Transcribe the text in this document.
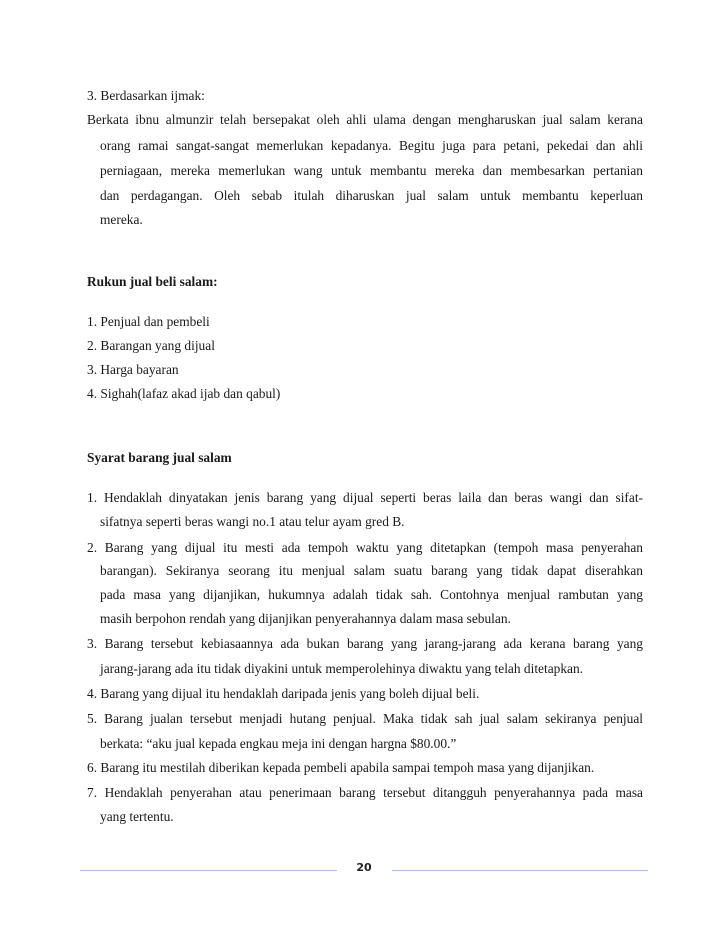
3. Berdasarkan ijmak:
Berkata ibnu almunzir telah bersepakat oleh ahli ulama dengan mengharuskan jual salam kerana
orang ramai sangat-sangat memerlukan kepadanya. Begitu juga para petani, pekedai dan ahli
perniagaan, mereka memerlukan wang untuk membantu mereka dan membesarkan pertanian
dan perdagangan. Oleh sebab itulah diharuskan jual salam untuk membantu keperluan
mereka.
Rukun jual beli salam:
1. Penjual dan pembeli
2. Barangan yang dijual
3. Harga bayaran
4. Sighah(lafaz akad ijab dan qabul)
Syarat barang jual salam
1. Hendaklah dinyatakan jenis barang yang dijual seperti beras laila dan beras wangi dan sifat-
sifatnya seperti beras wangi no.1 atau telur ayam gred B.
2. Barang yang dijual itu mesti ada tempoh waktu yang ditetapkan (tempoh masa penyerahan
barangan). Sekiranya seorang itu menjual salam suatu barang yang tidak dapat diserahkan
pada masa yang dijanjikan, hukumnya adalah tidak sah. Contohnya menjual rambutan yang
masih berpohon rendah yang dijanjikan penyerahannya dalam masa sebulan.
3. Barang tersebut kebiasaannya ada bukan barang yang jarang-jarang ada kerana barang yang
jarang-jarang ada itu tidak diyakini untuk memperolehinya diwaktu yang telah ditetapkan.
4. Barang yang dijual itu hendaklah daripada jenis yang boleh dijual beli.
5. Barang jualan tersebut menjadi hutang penjual. Maka tidak sah jual salam sekiranya penjual
berkata: “aku jual kepada engkau meja ini dengan hargna $80.00.”
6. Barang itu mestilah diberikan kepada pembeli apabila sampai tempoh masa yang dijanjikan.
7. Hendaklah penyerahan atau penerimaan barang tersebut ditangguh penyerahannya pada masa
yang tertentu.
20
